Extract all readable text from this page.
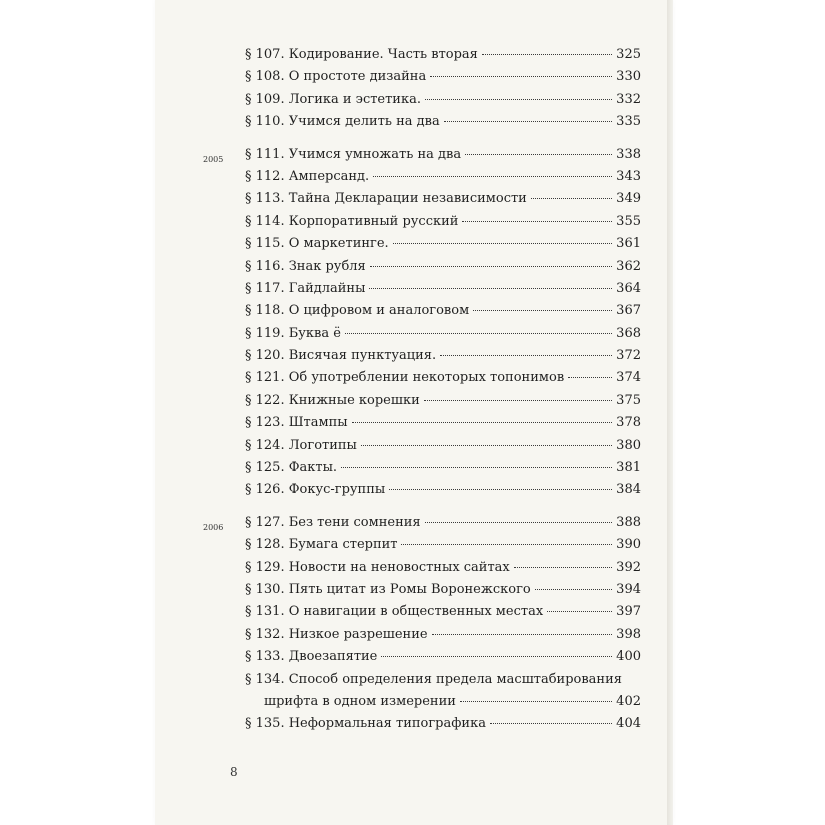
§ 107. Кодирование. Часть вторая	325
§ 108. О простоте дизайна	330
§ 109. Логика и эстетика.	332
§ 110. Учимся делить на два	335
2005 § 111. Учимся умножать на два	338
§ 112. Амперсанд.	343
§ 113. Тайна Декларации независимости	349
§ 114. Корпоративный русский	355
§ 115. О маркетинге.	361
§ 116. Знак рубля	362
§ 117. Гайдлайны	364
§ 118. О цифровом и аналоговом	367
§ 119. Буква ё	368
§ 120. Висячая пунктуация.	372
§ 121. Об употреблении некоторых топонимов	374
§ 122. Книжные корешки	375
§ 123. Штампы	378
§ 124. Логотипы	380
§ 125. Факты.	381
§ 126. Фокус-группы	384
2006 § 127. Без тени сомнения	388
§ 128. Бумага стерпит	390
§ 129. Новости на неновостных сайтах	392
§ 130. Пять цитат из Ромы Воронежского	394
§ 131. О навигации в общественных местах	397
§ 132. Низкое разрешение	398
§ 133. Двоезапятие	400
§ 134. Способ определения предела масштабирования
шрифта в одном измерении	402
§ 135. Неформальная типографика	404
8
